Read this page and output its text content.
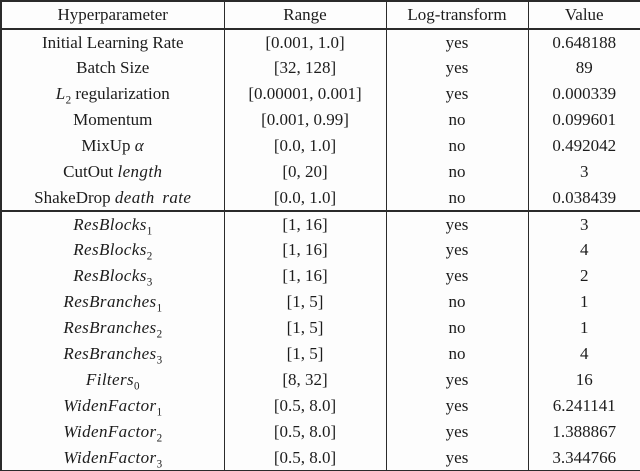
Hyperparameter	Range	Log-transform	Value
Initial Learning Rate	[0.001, 1.0]	yes	0.648188
Batch Size	[32, 128]	yes	89
$L_2$ regularization	[0.00001, 0.001]	yes	0.000339
Momentum	[0.001, 0.99]	no	0.099601
MixUp α	[0.0, 1.0]	no	0.492042
CutOut length	[0, 20]	no	3
ShakeDrop death rate	[0.0, 1.0]	no	0.038439
ResBlocks$_1$	[1, 16]	yes	3
ResBlocks$_2$	[1, 16]	yes	4
ResBlocks$_3$	[1, 16]	yes	2
ResBranches$_1$	[1, 5]	no	1
ResBranches$_2$	[1, 5]	no	1
ResBranches$_3$	[1, 5]	no	4
Filters$_0$	[8, 32]	yes	16
WidenFactor$_1$	[0.5, 8.0]	yes	6.241141
WidenFactor$_2$	[0.5, 8.0]	yes	1.388867
WidenFactor$_3$	[0.5, 8.0]	yes	3.344766
